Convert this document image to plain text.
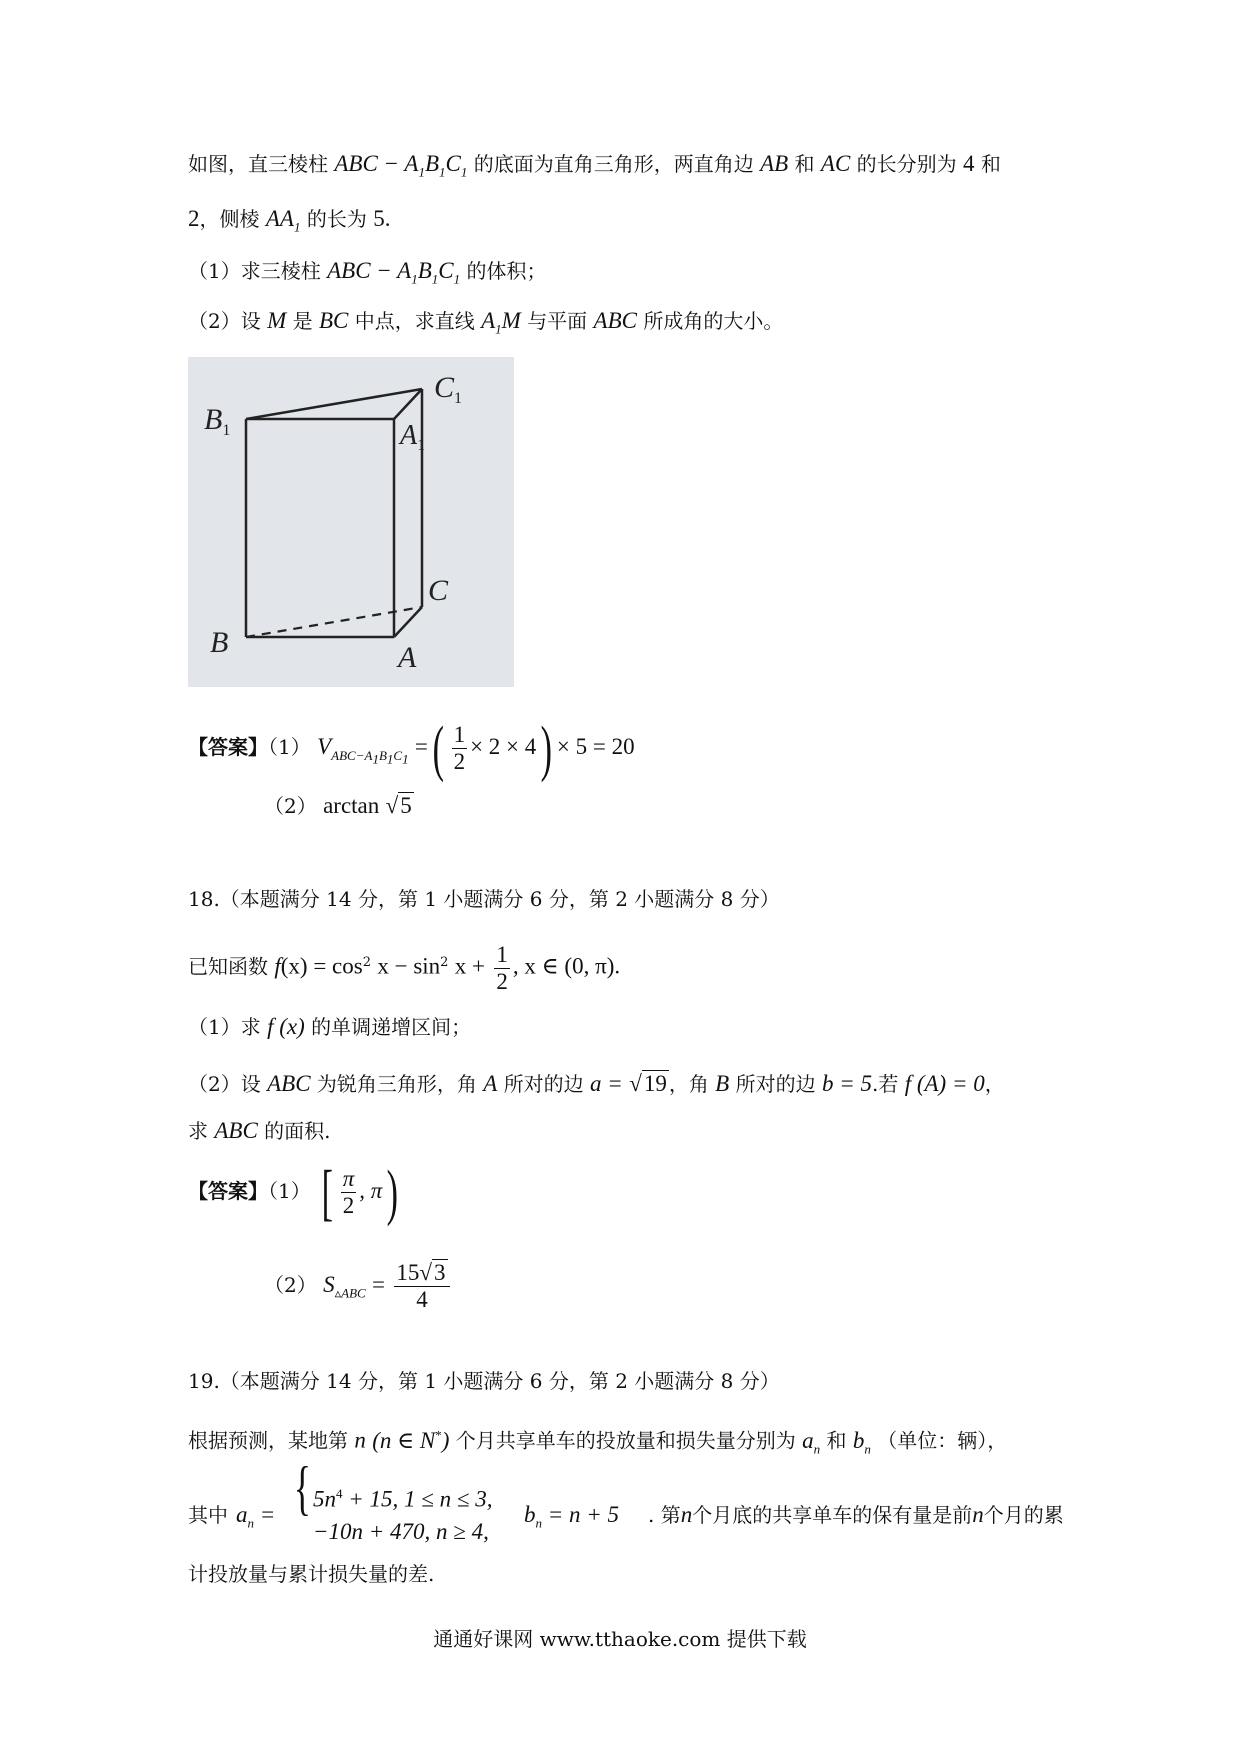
如图，直三棱柱 ABC − $A_1B_1C_1$ 的底面为直角三角形，两直角边 AB 和 AC 的长分别为 4 和
2，侧棱 $AA_1$ 的长为 5.
（1）求三棱柱 ABC − $A_1B_1C_1$ 的体积；
（2）设 M 是 BC 中点，求直线 $A_1M$ 与平面 ABC 所成角的大小。
$B_1$
$C_1$
$A_1$
C
B	A
【答案】（1） $V_{ABC-A_1B_1C_1}$ =( $\frac{1}{2} \times 2 \times 4) \times 5 = 20$
（2） arctan √5
18.（本题满分 14 分，第 1 小题满分 6 分，第 2 小题满分 8 分）
已知函数 $f(x) = \cos^2 x - \sin^2 x + \frac{1}{2}$ , x ∈ (0, π).
（1）求 f (x) 的单调递增区间；
（2）设 ABC 为锐角三角形，角 A 所对的边 a = √19 ，角 B 所对的边 b = 5.若 f (A) = 0，
求 ABC 的面积.
【答案】（1） [ $\frac{\pi}{2}$ , π)
（2） $S_{▵ABC} = \frac{15√3}{4}$
19.（本题满分 14 分，第 1 小题满分 6 分，第 2 小题满分 8 分）
根据预测，某地第 n (n ∈ N*) 个月共享单车的投放量和损失量分别为 $a_n$ 和 $b_n$ （单位：辆），
其中 $a_n$ = { $5n^4 + 15$, 1 ≤ n ≤ 3,
−10n + 470, n ≥ 4,
$b_n = n + 5$ . 第n个月底的共享单车的保有量是前n个月的累
计投放量与累计损失量的差.
通通好课网 www.tthaoke.com 提供下载
